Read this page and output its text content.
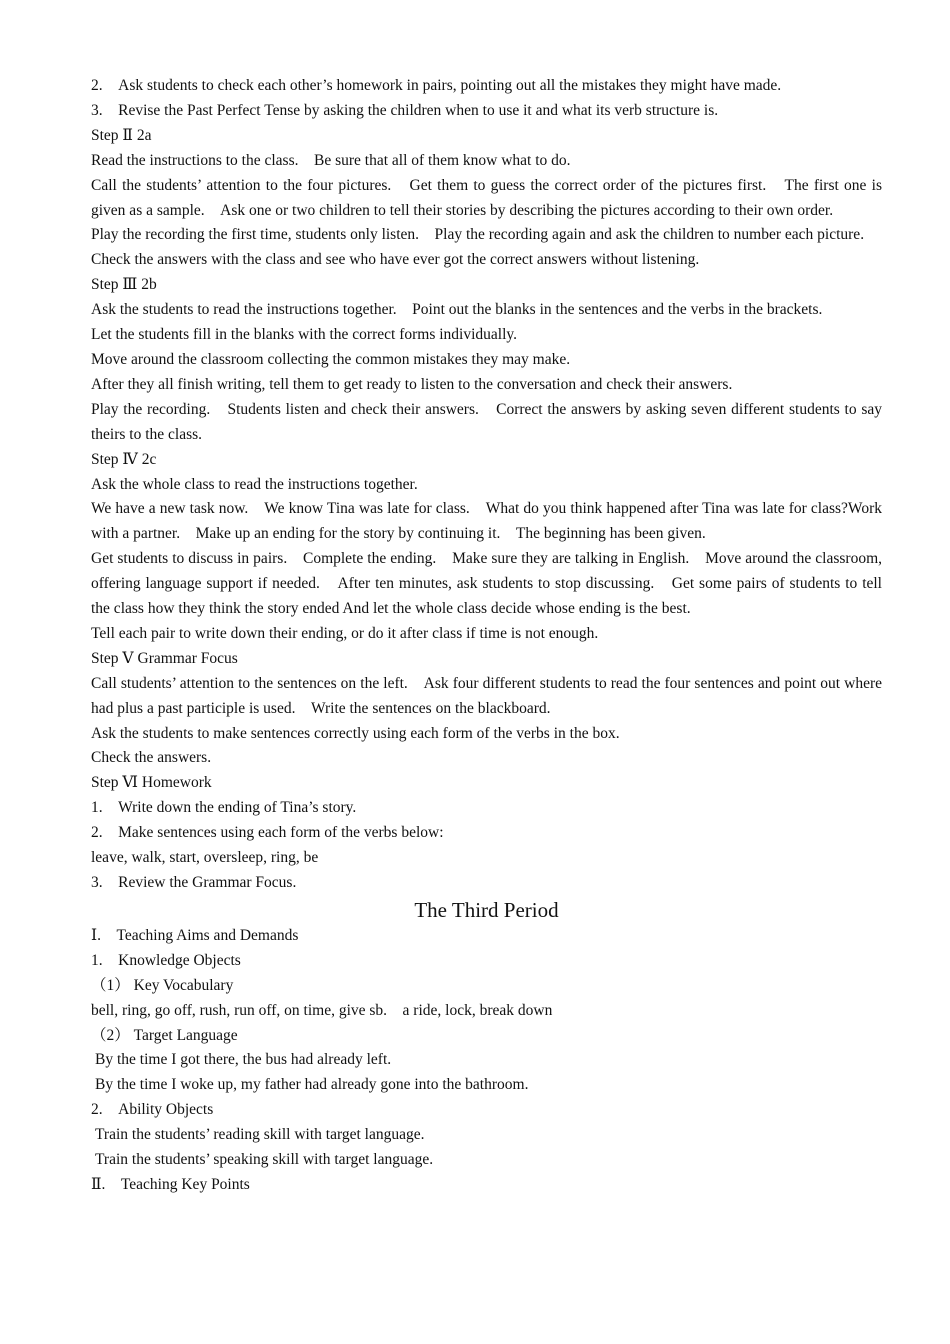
2.　Ask students to check each other’s homework in pairs, pointing out all the mistakes they might have made.
3.　Revise the Past Perfect Tense by asking the children when to use it and what its verb structure is.
Step Ⅱ 2a
Read the instructions to the class.　Be sure that all of them know what to do.
Call the students’ attention to the four pictures.　Get them to guess the correct order of the pictures first.　The first one is given as a sample.　Ask one or two children to tell their stories by describing the pictures according to their own order.
Play the recording the first time, students only listen.　Play the recording again and ask the children to number each picture.
Check the answers with the class and see who have ever got the correct answers without listening.
Step Ⅲ 2b
Ask the students to read the instructions together.　Point out the blanks in the sentences and the verbs in the brackets.
Let the students fill in the blanks with the correct forms individually.
Move around the classroom collecting the common mistakes they may make.
After they all finish writing, tell them to get ready to listen to the conversation and check their answers.
Play the recording.　Students listen and check their answers.　Correct the answers by asking seven different students to say theirs to the class.
Step Ⅳ 2c
Ask the whole class to read the instructions together.
We have a new task now.　We know Tina was late for class.　What do you think happened after Tina was late for class?Work with a partner.　Make up an ending for the story by continuing it.　The beginning has been given.
Get students to discuss in pairs.　Complete the ending.　Make sure they are talking in English.　Move around the classroom, offering language support if needed.　After ten minutes, ask students to stop discussing.　Get some pairs of students to tell the class how they think the story ended And let the whole class decide whose ending is the best.
Tell each pair to write down their ending, or do it after class if time is not enough.
Step Ⅴ Grammar Focus
Call students’ attention to the sentences on the left.　Ask four different students to read the four sentences and point out where had plus a past participle is used.　Write the sentences on the blackboard.
Ask the students to make sentences correctly using each form of the verbs in the box.
Check the answers.
Step Ⅵ Homework
1.　Write down the ending of Tina’s story.
2.　Make sentences using each form of the verbs below:
leave, walk, start, oversleep, ring, be
3.　Review the Grammar Focus.
The Third Period
Ⅰ.　Teaching Aims and Demands
1.　Knowledge Objects
（1） Key Vocabulary
bell, ring, go off, rush, run off, on time, give sb.　a ride, lock, break down
（2） Target Language
By the time I got there, the bus had already left.
By the time I woke up, my father had already gone into the bathroom.
2.　Ability Objects
Train the students’ reading skill with target language.
Train the students’ speaking skill with target language.
Ⅱ.　Teaching Key Points
